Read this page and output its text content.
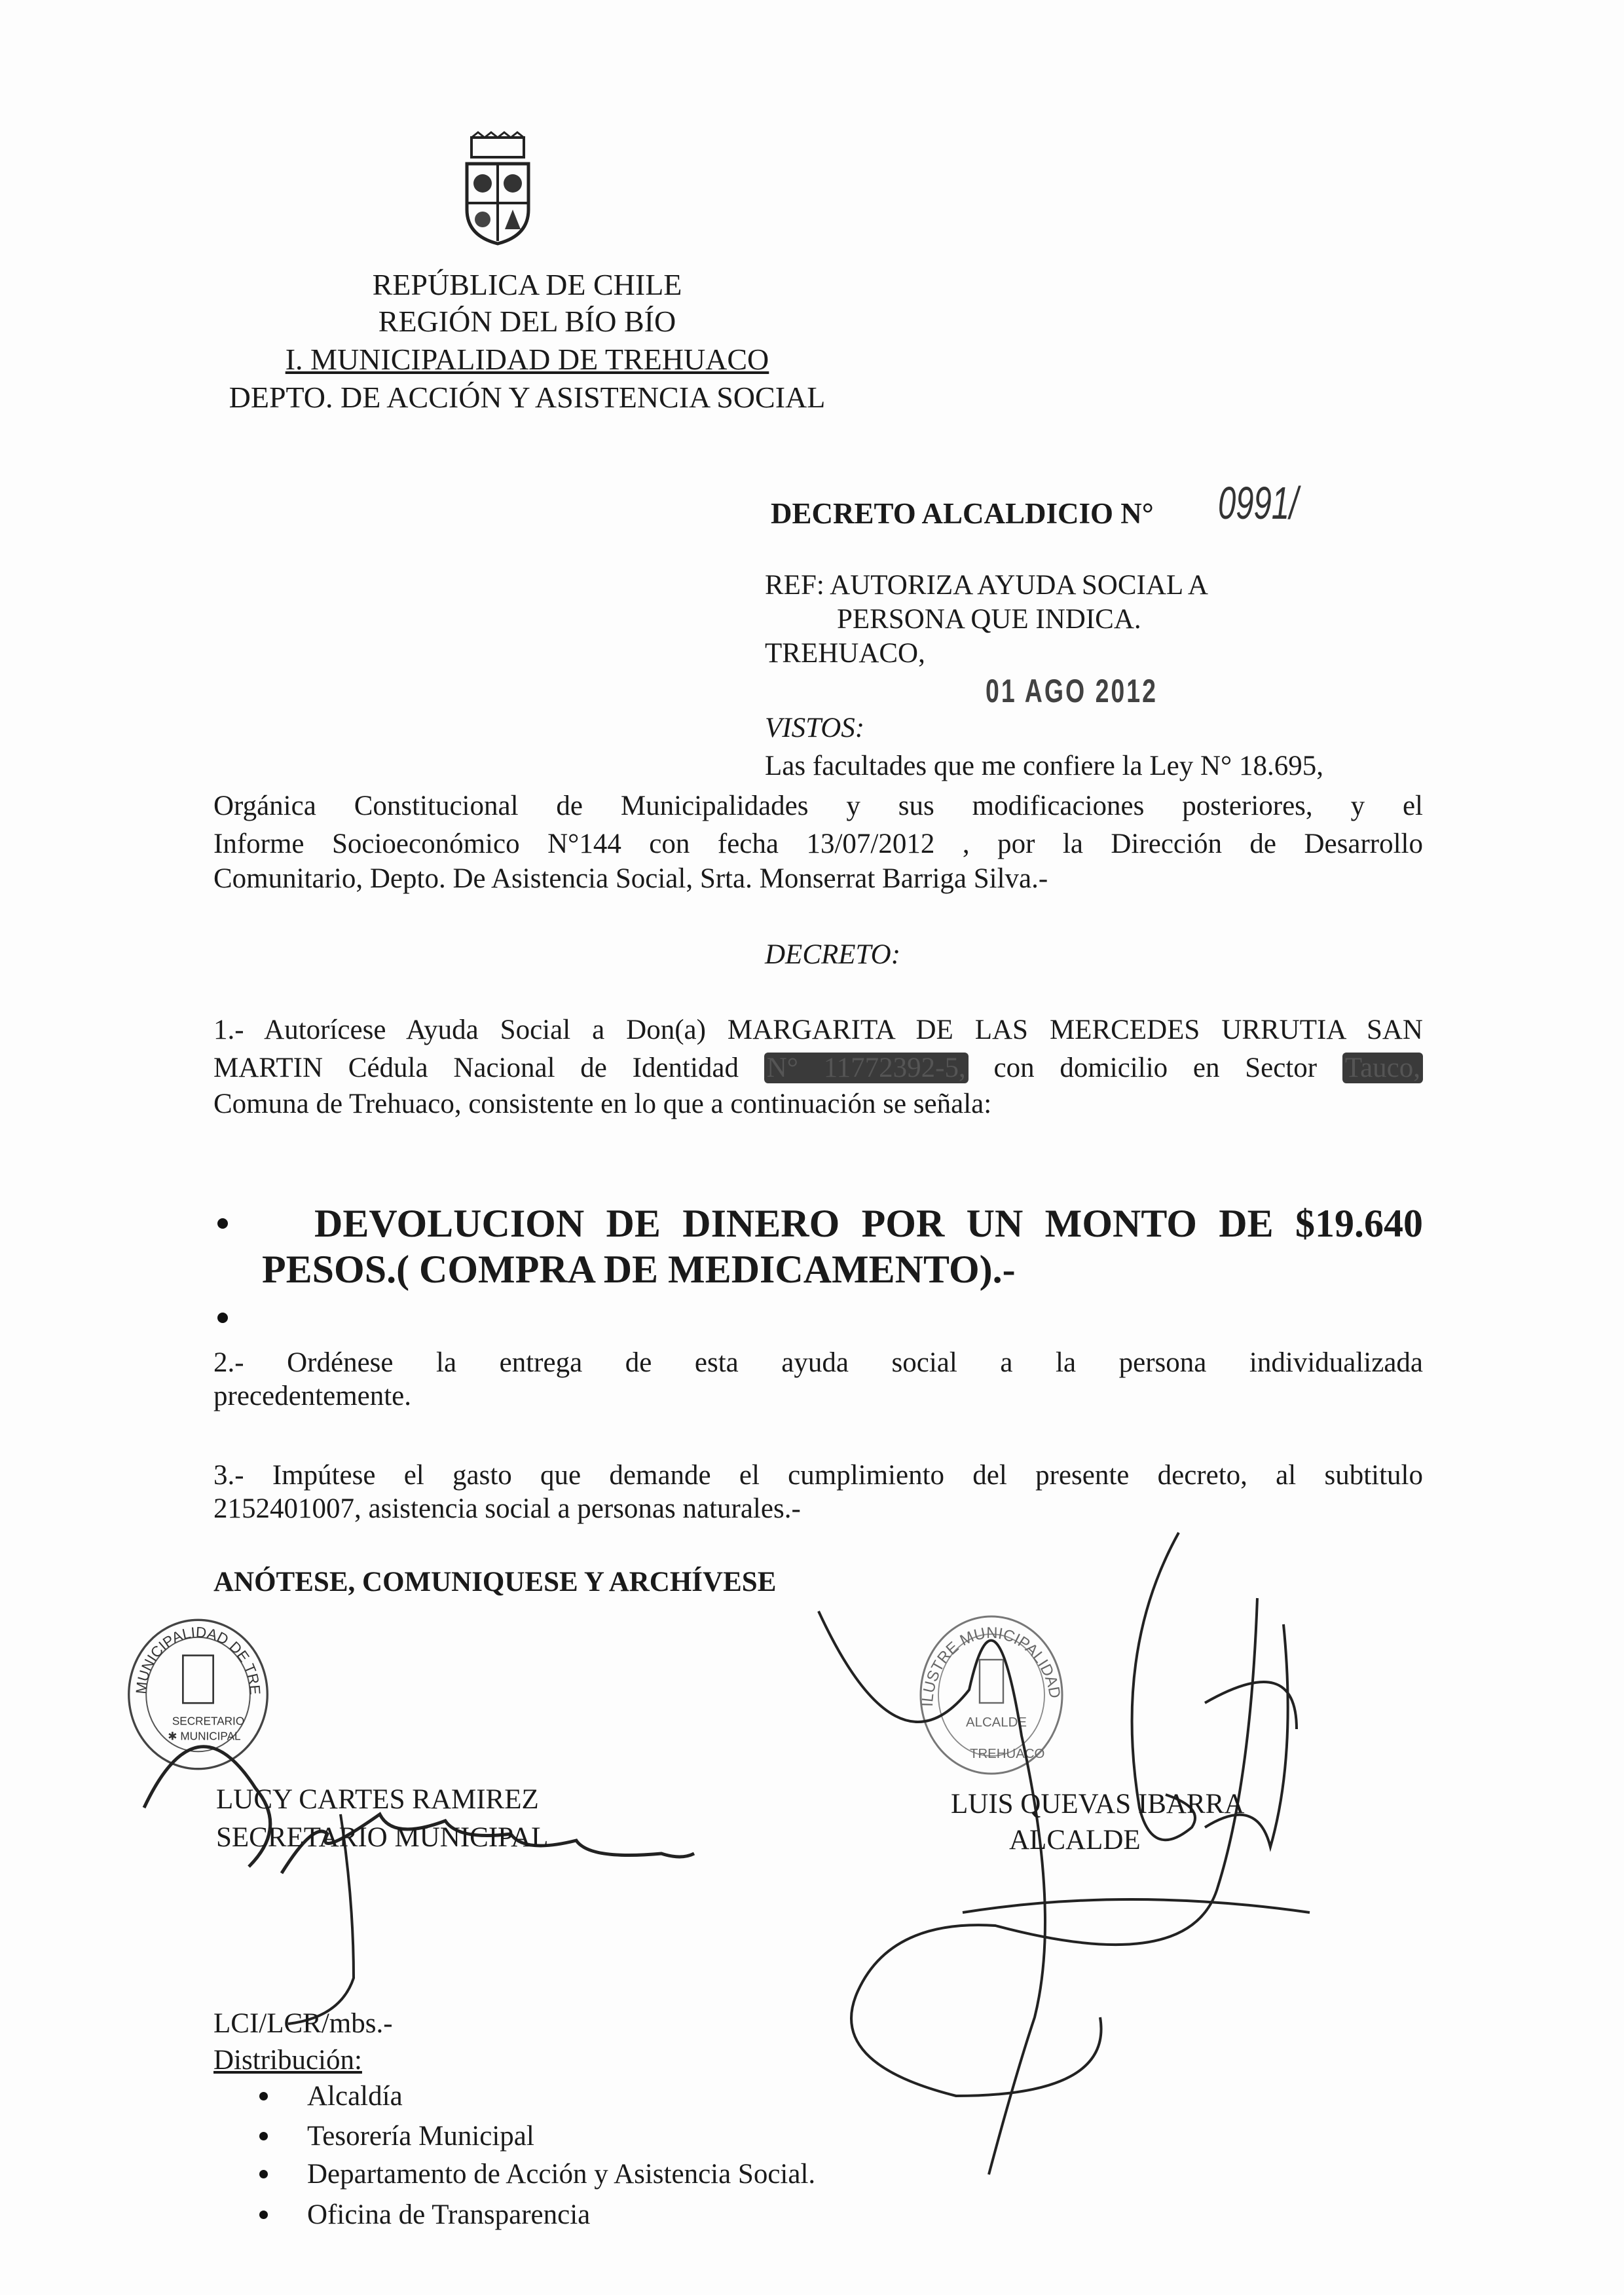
REPÚBLICA DE CHILE
REGIÓN DEL BÍO BÍO
I. MUNICIPALIDAD DE TREHUACO
DEPTO. DE ACCIÓN Y ASISTENCIA SOCIAL
DECRETO ALCALDICIO N° 0991/
REF: AUTORIZA AYUDA SOCIAL A
PERSONA QUE INDICA.
TREHUACO,
01 AGO 2012
VISTOS:
Las facultades que me confiere la Ley N° 18.695,
Orgánica Constitucional de Municipalidades y sus modificaciones posteriores, y el
Informe Socioeconómico N°144 con fecha 13/07/2012 , por la Dirección de Desarrollo
Comunitario, Depto. De Asistencia Social, Srta. Monserrat Barriga Silva.-
DECRETO:
1.- Autorícese Ayuda Social a Don(a) MARGARITA DE LAS MERCEDES URRUTIA SAN
MARTIN Cédula Nacional de Identidad N° 11772392-5, con domicilio en Sector Tauco,
Comuna de Trehuaco, consistente en lo que a continuación se señala:
DEVOLUCION DE DINERO POR UN MONTO DE $19.640
PESOS.( COMPRA DE MEDICAMENTO).-
2.- Ordénese la entrega de esta ayuda social a la persona individualizada
precedentemente.
3.- Impútese el gasto que demande el cumplimiento del presente decreto, al subtitulo
2152401007, asistencia social a personas naturales.-
ANÓTESE, COMUNIQUESE Y ARCHÍVESE
MUNICIPALIDAD DE TREHUACO
SECRETARIO
✱ MUNICIPAL
ILUSTRE MUNICIPALIDAD
ALCALDE
TREHUACO
LUCY CARTES RAMIREZ
SECRETARIO MUNICIPAL
LUIS QUEVAS IBARRA
ALCALDE
LCI/LCR/mbs.-
Distribución:
Alcaldía
Tesorería Municipal
Departamento de Acción y Asistencia Social.
Oficina de Transparencia
